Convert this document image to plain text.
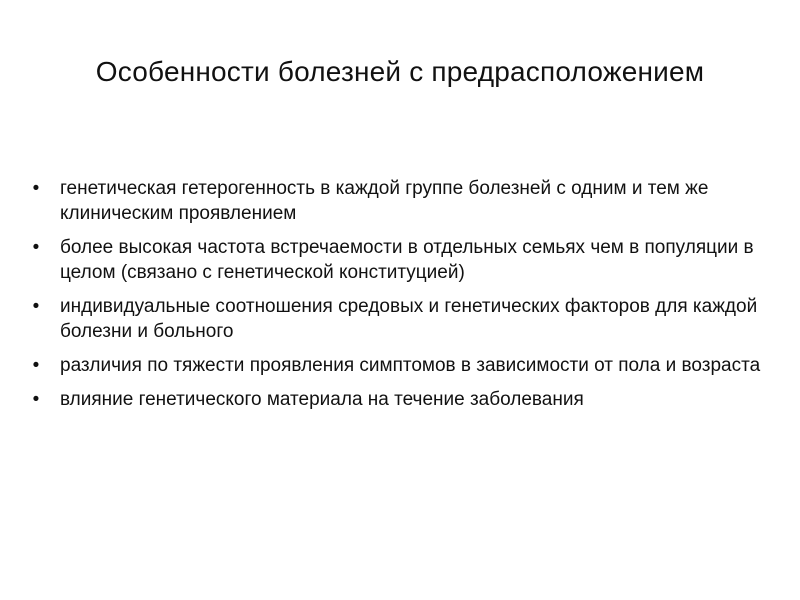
Особенности болезней с предрасположением
• генетическая гетерогенность в каждой группе болезней с одним и тем же клиническим проявлением
• более высокая частота встречаемости в отдельных семьях чем в популяции в целом (связано с генетической конституцией)
• индивидуальные соотношения средовых и генетических факторов для каждой болезни и больного
• различия по тяжести проявления симптомов в зависимости от пола и возраста
• влияние генетического материала на течение заболевания
